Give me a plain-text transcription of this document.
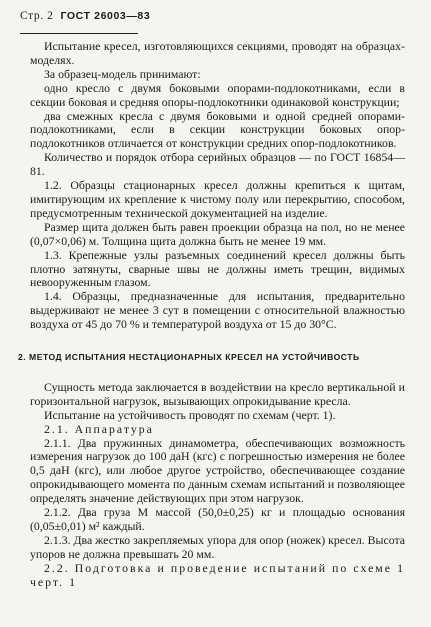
Стр. 2 ГОСТ 26003—83

Испытание кресел, изготовляющихся секциями, проводят на образцах-моделях.

За образец-модель принимают:

одно кресло с двумя боковыми опорами-подлокотниками, если в секции боковая и средняя опоры-подлокотники одинаковой конструкции;

два смежных кресла с двумя боковыми и одной средней опорами-подлокотниками, если в секции конструкции боковых опор-подлокотников отличается от конструкции средних опор-подлокотников.

Количество и порядок отбора серийных образцов — по ГОСТ 16854—81.

1.2. Образцы стационарных кресел должны крепиться к щитам, имитирующим их крепление к чистому полу или перекрытию, способом, предусмотренным технической документацией на изделие.

Размер щита должен быть равен проекции образца на пол, но не менее (0,07×0,06) м. Толщина щита должна быть не менее 19 мм.

1.3. Крепежные узлы разъемных соединений кресел должны быть плотно затянуты, сварные швы не должны иметь трещин, видимых невооруженным глазом.

1.4. Образцы, предназначенные для испытания, предварительно выдерживают не менее 3 сут в помещении с относительной влажностью воздуха от 45 до 70 % и температурой воздуха от 15 до 30°С.

2. МЕТОД ИСПЫТАНИЯ НЕСТАЦИОНАРНЫХ КРЕСЕЛ НА УСТОЙЧИВОСТЬ

Сущность метода заключается в воздействии на кресло вертикальной и горизонтальной нагрузок, вызывающих опрокидывание кресла.

Испытание на устойчивость проводят по схемам (черт. 1).

2.1. Аппаратура

2.1.1. Два пружинных динамометра, обеспечивающих возможность измерения нагрузок до 100 даН (кгс) с погрешностью измерения не более 0,5 даН (кгс), или любое другое устройство, обеспечивающее создание опрокидывающего момента по данным схемам испытаний и позволяющее определять значение действующих при этом нагрузок.

2.1.2. Два груза М массой (50,0±0,25) кг и площадью основания (0,05±0,01) м² каждый.

2.1.3. Два жестко закрепляемых упора для опор (ножек) кресел. Высота упоров не должна превышать 20 мм.

2.2. Подготовка и проведение испытаний по схеме 1 черт. 1
